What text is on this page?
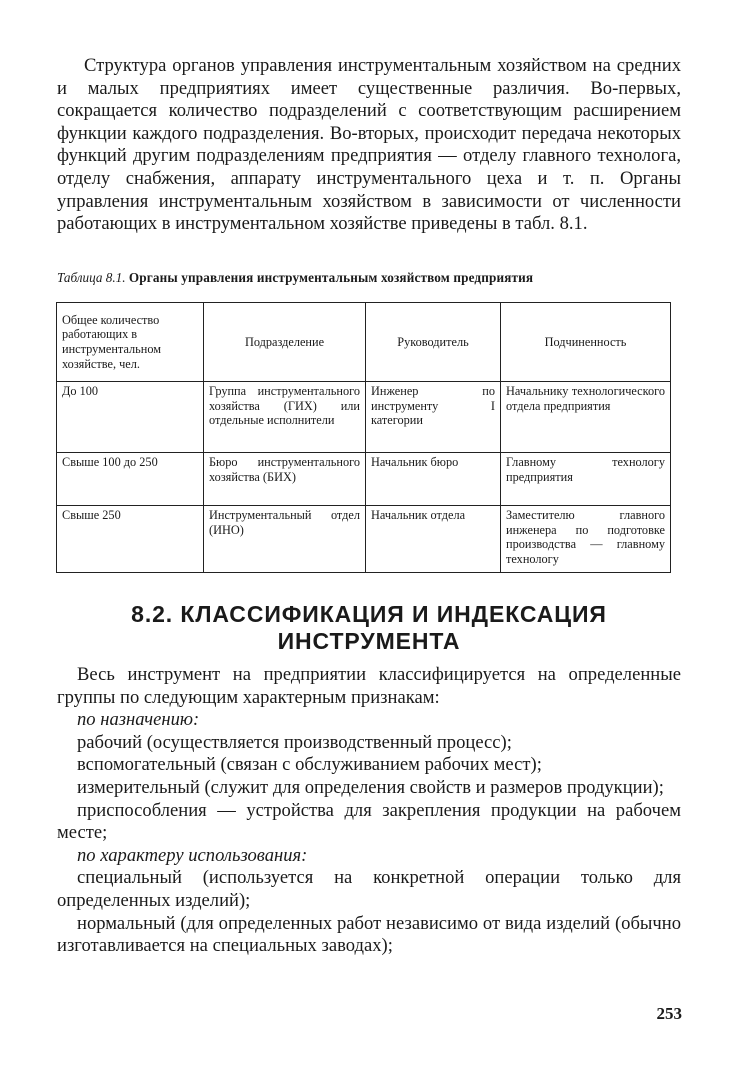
Структура органов управления инструментальным хозяйством на средних и малых предприятиях имеет существенные различия. Во-первых, сокращается количество подразделений с соответствующим расширением функции каждого подразделения. Во-вторых, происходит передача некоторых функций другим подразделениям предприятия — отделу главного технолога, отделу снабжения, аппарату инструментального цеха и т. п. Органы управления инструментальным хозяйством в зависимости от численности работающих в инструментальном хозяйстве приведены в табл. 8.1.

Таблица 8.1. Органы управления инструментальным хозяйством предприятия

Общее количество работающих в инструментальном хозяйстве, чел.	Подразделение	Руководитель	Подчиненность
До 100	Группа инструментального хозяйства (ГИХ) или отдельные исполнители	Инженер по инструменту I категории	Начальнику технологического отдела предприятия
Свыше 100 до 250	Бюро инструментального хозяйства (БИХ)	Начальник бюро	Главному технологу предприятия
Свыше 250	Инструментальный отдел (ИНО)	Начальник отдела	Заместителю главного инженера по подготовке производства — главному технологу
8.2. КЛАССИФИКАЦИЯ И ИНДЕКСАЦИЯ
ИНСТРУМЕНТА

Весь инструмент на предприятии классифицируется на определенные группы по следующим характерным признакам:

по назначению:

рабочий (осуществляется производственный процесс);

вспомогательный (связан с обслуживанием рабочих мест);

измерительный (служит для определения свойств и размеров продукции);

приспособления — устройства для закрепления продукции на рабочем месте;

по характеру использования:

специальный (используется на конкретной операции только для определенных изделий);

нормальный (для определенных работ независимо от вида изделий (обычно изготавливается на специальных заводах);

253
